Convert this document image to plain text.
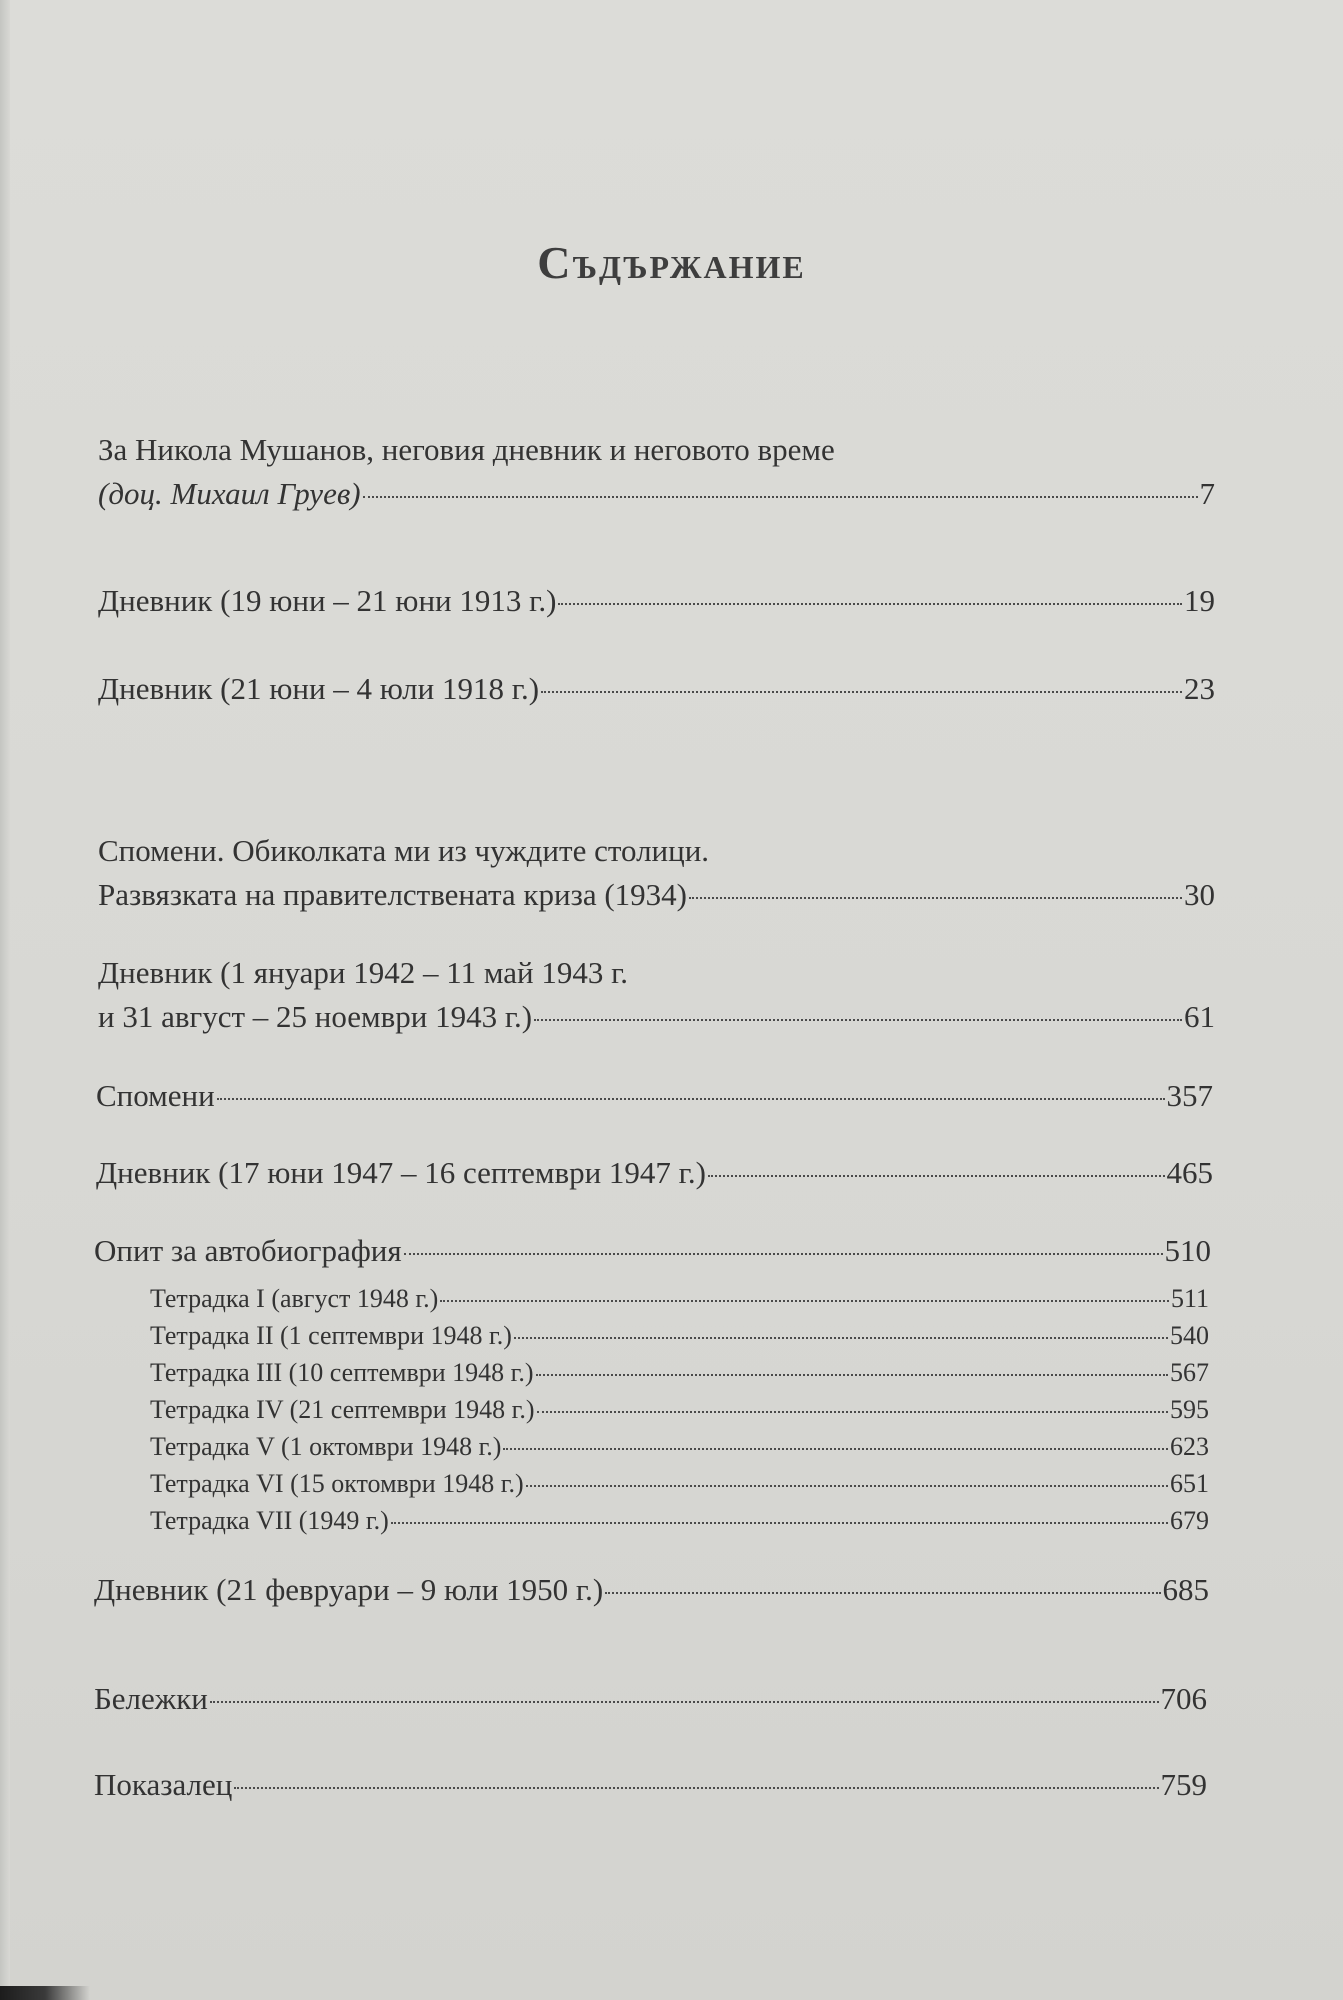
Съдържание
За Никола Мушанов, неговия дневник и неговото време
(доц. Михаил Груев)	7
Дневник (19 юни – 21 юни 1913 г.)	19
Дневник (21 юни – 4 юли 1918 г.)	23
Спомени. Обиколката ми из чуждите столици.
Развязката на правителствената криза (1934)	30
Дневник (1 януари 1942 – 11 май 1943 г.
и 31 август – 25 ноември 1943 г.)	61
Спомени	357
Дневник (17 юни 1947 – 16 септември 1947 г.)	465
Опит за автобиография	510
Тетрадка I (август 1948 г.)	511
Тетрадка II (1 септември 1948 г.)	540
Тетрадка III (10 септември 1948 г.)	567
Тетрадка IV (21 септември 1948 г.)	595
Тетрадка V (1 октомври 1948 г.)	623
Тетрадка VI (15 октомври 1948 г.)	651
Тетрадка VII (1949 г.)	679
Дневник (21 февруари – 9 юли 1950 г.)	685
Бележки	706
Показалец	759
